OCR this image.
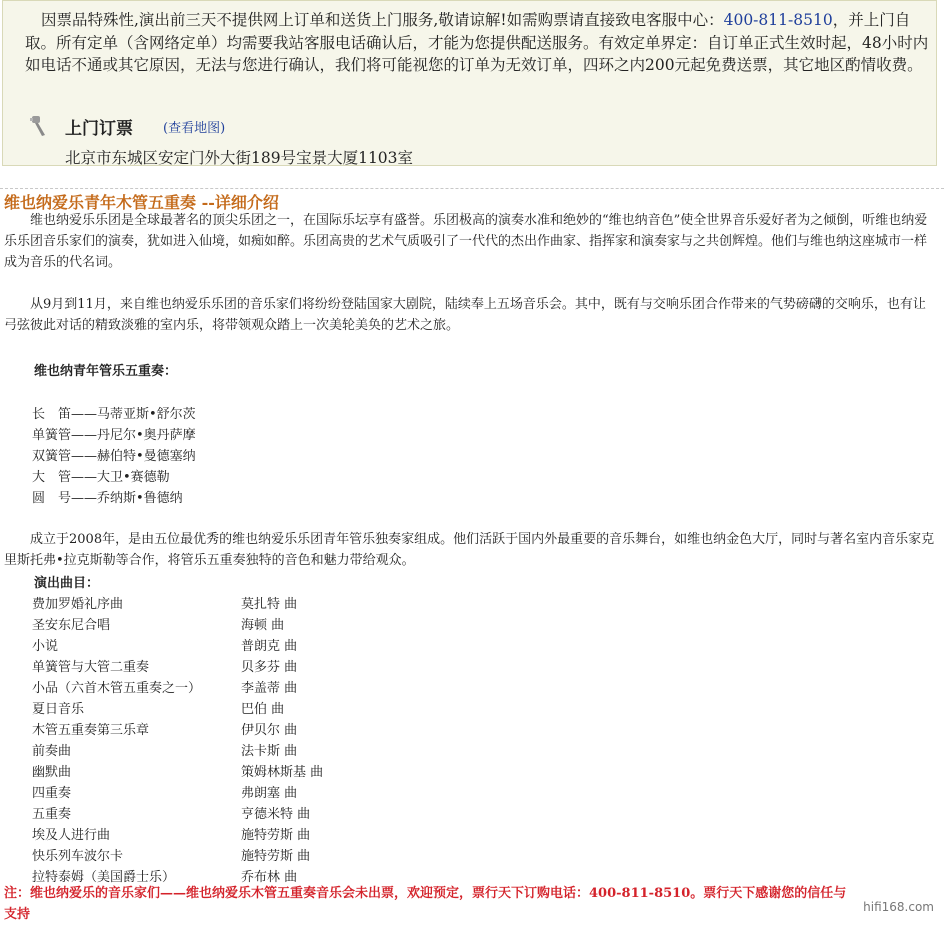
因票品特殊性,演出前三天不提供网上订单和送货上门服务,敬请谅解!如需购票请直接致电客服中心：400-811-8510，并上门自取。所有定单（含网络定单）均需要我站客服电话确认后，才能为您提供配送服务。有效定单界定：自订单正式生效时起，48小时内如电话不通或其它原因，无法与您进行确认，我们将可能视您的订单为无效订单，四环之内200元起免费送票，其它地区酌情收费。

上门订票 (查看地图)
北京市东城区安定门外大街189号宝景大厦1103室
维也纳爱乐青年木管五重奏 --详细介绍

维也纳爱乐乐团是全球最著名的顶尖乐团之一，在国际乐坛享有盛誉。乐团极高的演奏水准和绝妙的“维也纳音色”使全世界音乐爱好者为之倾倒，听维也纳爱乐乐团音乐家们的演奏，犹如进入仙境，如痴如醉。乐团高贵的艺术气质吸引了一代代的杰出作曲家、指挥家和演奏家与之共创辉煌。他们与维也纳这座城市一样成为音乐的代名词。

从9月到11月，来自维也纳爱乐乐团的音乐家们将纷纷登陆国家大剧院，陆续奉上五场音乐会。其中，既有与交响乐团合作带来的气势磅礴的交响乐，也有让弓弦彼此对话的精致淡雅的室内乐，将带领观众踏上一次美轮美奂的艺术之旅。

维也纳青年管乐五重奏：
长　笛——马蒂亚斯•舒尔茨
单簧管——丹尼尔•奥丹萨摩
双簧管——赫伯特•曼德塞纳
大　管——大卫•赛德勒
圆　号——乔纳斯•鲁德纳

成立于2008年，是由五位最优秀的维也纳爱乐乐团青年管乐独奏家组成。他们活跃于国内外最重要的音乐舞台，如维也纳金色大厅，同时与著名室内音乐家克里斯托弗•拉克斯勒等合作，将管乐五重奏独特的音色和魅力带给观众。

演出曲目：
费加罗婚礼序曲	莫扎特 曲
圣安东尼合唱	海顿 曲
小说	普朗克 曲
单簧管与大管二重奏	贝多芬 曲
小品（六首木管五重奏之一）	李盖蒂 曲
夏日音乐	巴伯 曲
木管五重奏第三乐章	伊贝尔 曲
前奏曲	法卡斯 曲
幽默曲	策姆林斯基 曲
四重奏	弗朗塞 曲
五重奏	亨德米特 曲
埃及人进行曲	施特劳斯 曲
快乐列车波尔卡	施特劳斯 曲
拉特泰姆（美国爵士乐）	乔布林 曲
注：维也纳爱乐的音乐家们——维也纳爱乐木管五重奏音乐会未出票，欢迎预定，票行天下订购电话：400-811-8510。票行天下感谢您的信任与
支持	hifi168.com
